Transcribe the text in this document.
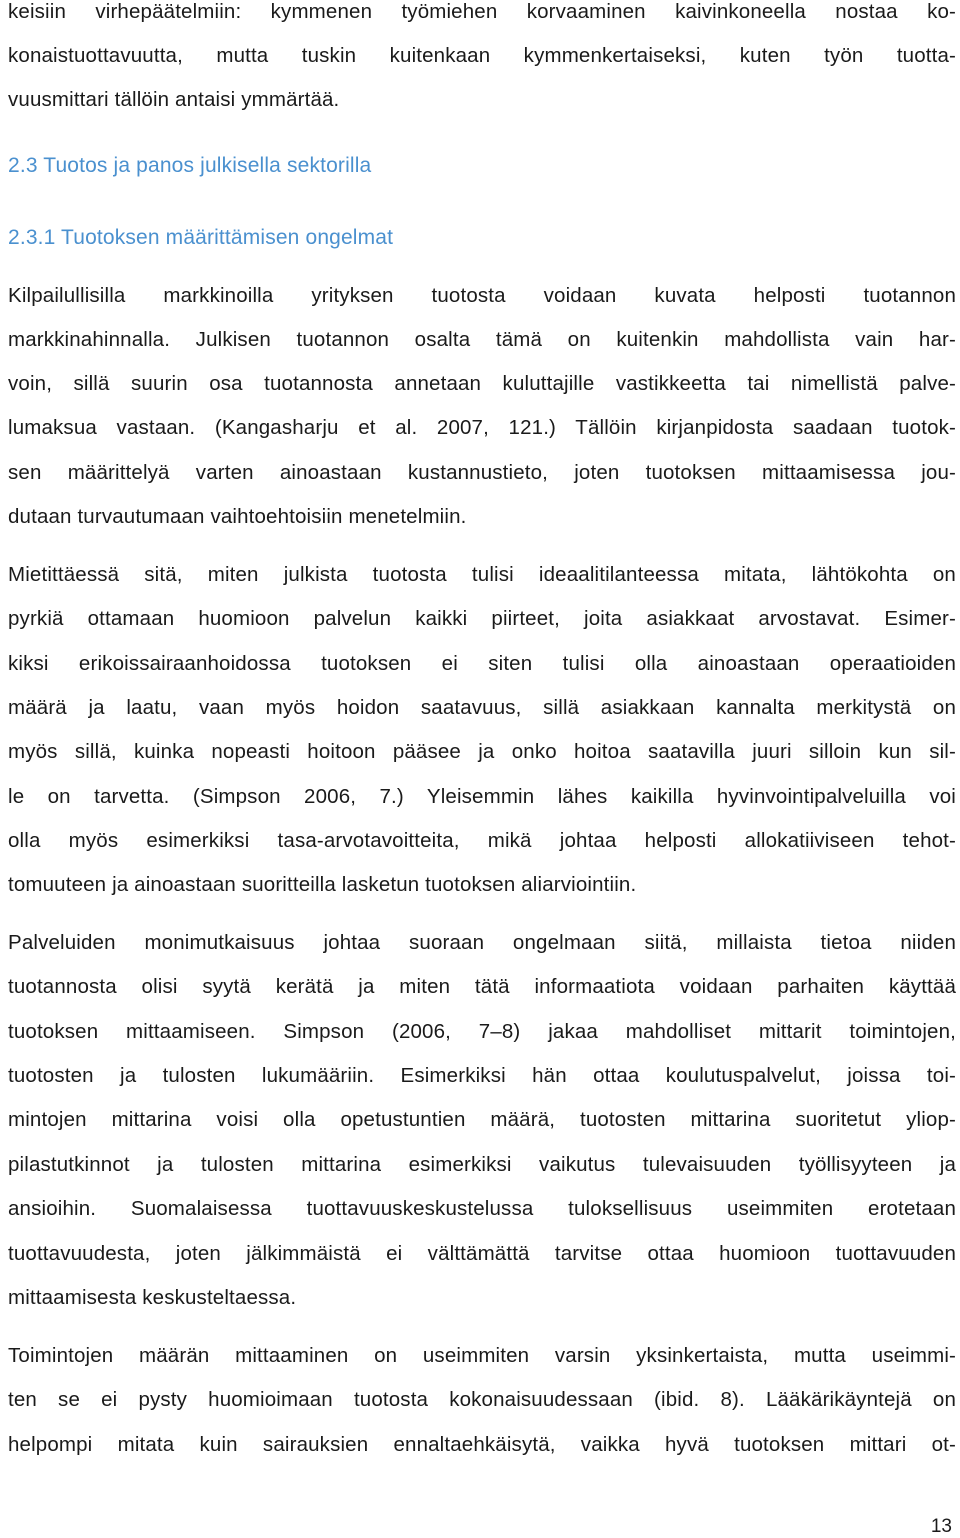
keisiin virhepäätelmiin: kymmenen työmiehen korvaaminen kaivinkoneella nostaa ko-
konaistuottavuutta, mutta tuskin kuitenkaan kymmenkertaiseksi, kuten työn tuotta-
vuusmittari tällöin antaisi ymmärtää.
2.3 Tuotos ja panos julkisella sektorilla
2.3.1 Tuotoksen määrittämisen ongelmat
Kilpailullisilla markkinoilla yrityksen tuotosta voidaan kuvata helposti tuotannon
markkinahinnalla. Julkisen tuotannon osalta tämä on kuitenkin mahdollista vain har-
voin, sillä suurin osa tuotannosta annetaan kuluttajille vastikkeetta tai nimellistä palve-
lumaksua vastaan. (Kangasharju et al. 2007, 121.) Tällöin kirjanpidosta saadaan tuotok-
sen määrittelyä varten ainoastaan kustannustieto, joten tuotoksen mittaamisessa jou-
dutaan turvautumaan vaihtoehtoisiin menetelmiin.
Mietittäessä sitä, miten julkista tuotosta tulisi ideaalitilanteessa mitata, lähtökohta on
pyrkiä ottamaan huomioon palvelun kaikki piirteet, joita asiakkaat arvostavat. Esimer-
kiksi erikoissairaanhoidossa tuotoksen ei siten tulisi olla ainoastaan operaatioiden
määrä ja laatu, vaan myös hoidon saatavuus, sillä asiakkaan kannalta merkitystä on
myös sillä, kuinka nopeasti hoitoon pääsee ja onko hoitoa saatavilla juuri silloin kun sil-
le on tarvetta. (Simpson 2006, 7.) Yleisemmin lähes kaikilla hyvinvointipalveluilla voi
olla myös esimerkiksi tasa-arvotavoitteita, mikä johtaa helposti allokatiiviseen tehot-
tomuuteen ja ainoastaan suoritteilla lasketun tuotoksen aliarviointiin.
Palveluiden monimutkaisuus johtaa suoraan ongelmaan siitä, millaista tietoa niiden
tuotannosta olisi syytä kerätä ja miten tätä informaatiota voidaan parhaiten käyttää
tuotoksen mittaamiseen. Simpson (2006, 7–8) jakaa mahdolliset mittarit toimintojen,
tuotosten ja tulosten lukumääriin. Esimerkiksi hän ottaa koulutuspalvelut, joissa toi-
mintojen mittarina voisi olla opetustuntien määrä, tuotosten mittarina suoritetut yliop-
pilastutkinnot ja tulosten mittarina esimerkiksi vaikutus tulevaisuuden työllisyyteen ja
ansioihin. Suomalaisessa tuottavuuskeskustelussa tuloksellisuus useimmiten erotetaan
tuottavuudesta, joten jälkimmäistä ei välttämättä tarvitse ottaa huomioon tuottavuuden
mittaamisesta keskusteltaessa.
Toimintojen määrän mittaaminen on useimmiten varsin yksinkertaista, mutta useimmi-
ten se ei pysty huomioimaan tuotosta kokonaisuudessaan (ibid. 8). Lääkärikäyntejä on
helpompi mitata kuin sairauksien ennaltaehkäisytä, vaikka hyvä tuotoksen mittari ot-
13
